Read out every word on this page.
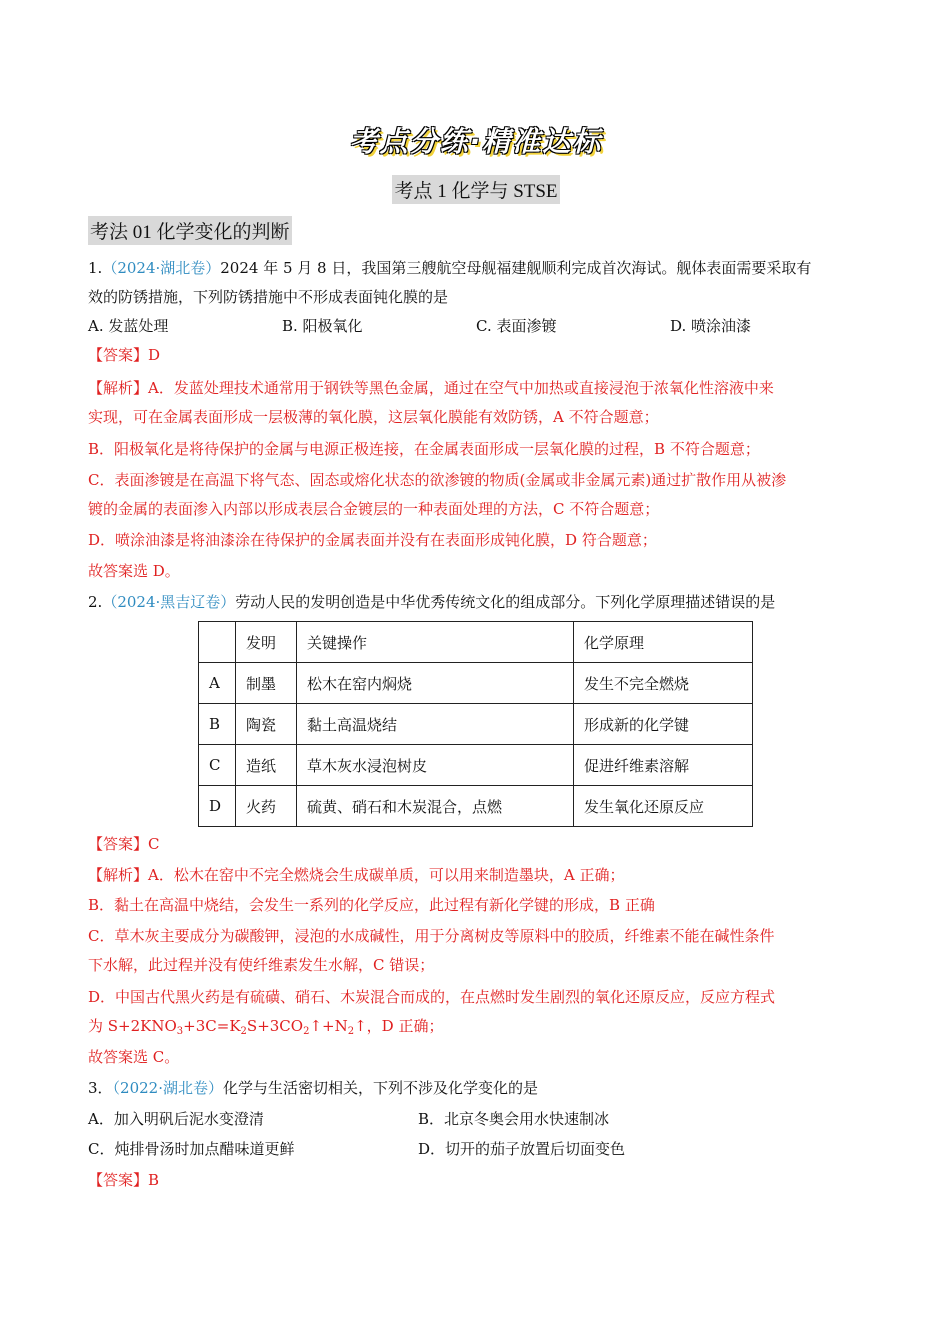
考点分练·精准达标
考点 1 化学与 STSE
考法 01 化学变化的判断
1.（2024·湖北卷）2024 年 5 月 8 日，我国第三艘航空母舰福建舰顺利完成首次海试。舰体表面需要采取有
效的防锈措施，下列防锈措施中不形成表面钝化膜的是
A. 发蓝处理	B. 阳极氧化	C. 表面渗镀	D. 喷涂油漆
【答案】D
【解析】A．发蓝处理技术通常用于钢铁等黑色金属，通过在空气中加热或直接浸泡于浓氧化性溶液中来
实现，可在金属表面形成一层极薄的氧化膜，这层氧化膜能有效防锈，A 不符合题意；
B．阳极氧化是将待保护的金属与电源正极连接，在金属表面形成一层氧化膜的过程，B 不符合题意；
C．表面渗镀是在高温下将气态、固态或熔化状态的欲渗镀的物质(金属或非金属元素)通过扩散作用从被渗
镀的金属的表面渗入内部以形成表层合金镀层的一种表面处理的方法，C 不符合题意；
D．喷涂油漆是将油漆涂在待保护的金属表面并没有在表面形成钝化膜，D 符合题意；
故答案选 D。
2.（2024·黑吉辽卷）劳动人民的发明创造是中华优秀传统文化的组成部分。下列化学原理描述错误的是
	发明	关键操作	化学原理
A	制墨	松木在窑内焖烧	发生不完全燃烧
B	陶瓷	黏土高温烧结	形成新的化学键
C	造纸	草木灰水浸泡树皮	促进纤维素溶解
D	火药	硫黄、硝石和木炭混合，点燃	发生氧化还原反应
【答案】C
【解析】A．松木在窑中不完全燃烧会生成碳单质，可以用来制造墨块，A 正确；
B．黏土在高温中烧结，会发生一系列的化学反应，此过程有新化学键的形成，B 正确
C．草木灰主要成分为碳酸钾，浸泡的水成碱性，用于分离树皮等原料中的胶质，纤维素不能在碱性条件
下水解，此过程并没有使纤维素发生水解，C 错误；
D．中国古代黑火药是有硫磺、硝石、木炭混合而成的，在点燃时发生剧烈的氧化还原反应，反应方程式
为 $S+2KNO_3+3C=K_2S+3CO_2↑+N_2↑$，D 正确；
故答案选 C。
3．（2022·湖北卷）化学与生活密切相关，下列不涉及化学变化的是
A．加入明矾后泥水变澄清	B．北京冬奥会用水快速制冰
C．炖排骨汤时加点醋味道更鲜	D．切开的茄子放置后切面变色
【答案】B
